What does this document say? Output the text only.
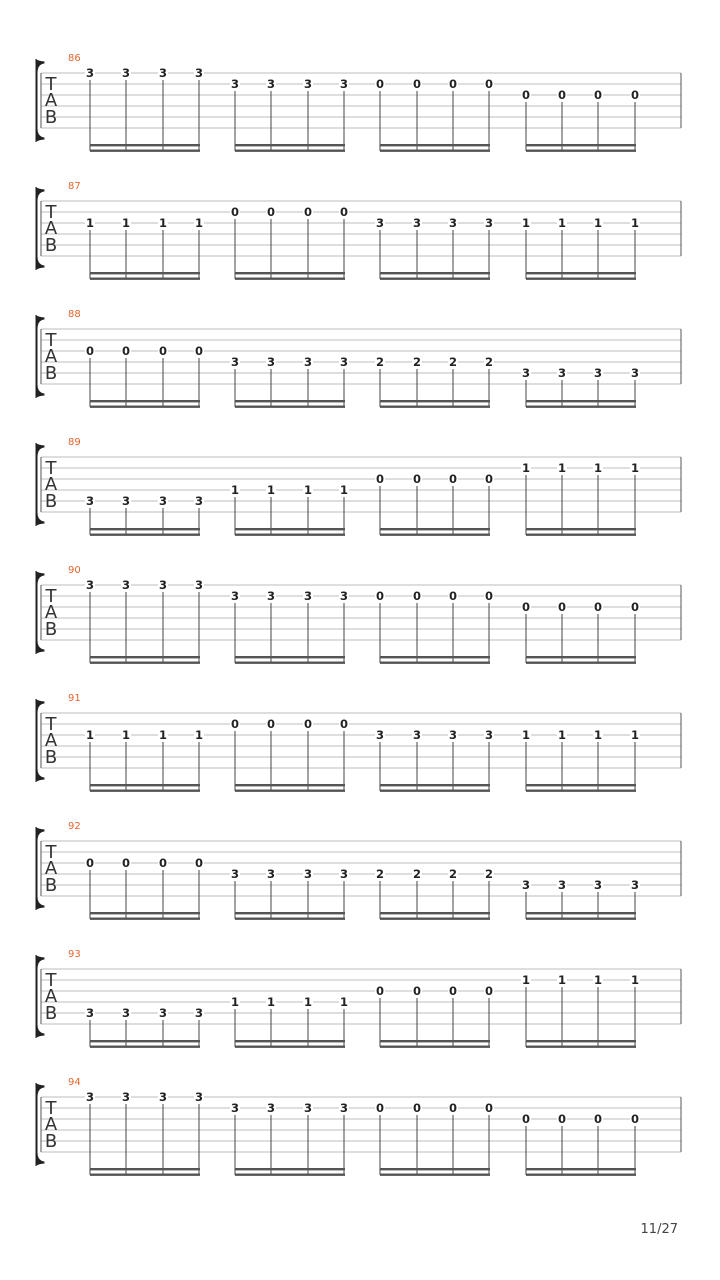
86
T
A
B
3 3	3 3
3 3	3 3 0	0 0 0
0 0 0	0
87
T
A
B
1 1	1 1
0 0	0 0
3	3 3 3	1 1 1	1
88
T
A
B
0 0	0 0
3 3	3 3 2	2 2 2
3 3 3	3
89
T
A
B	3 3	3 3
1 1	1 1
0	0 0 0
1 1 1	1
90
T
A
B
3 3	3 3
3 3	3 3 0	0 0 0
0 0 0	0
91
T
A
B
1 1	1 1
0 0	0 0
3	3 3 3	1 1 1	1
92
T
A
B
0 0	0 0
3 3	3 3 2	2 2 2
3 3 3	3
93
T
A
B	3 3	3 3
1 1	1 1
0	0 0 0
1 1 1	1
94
T
A
B
3 3	3 3
3 3	3 3 0	0 0 0
0 0 0	0
11/27
